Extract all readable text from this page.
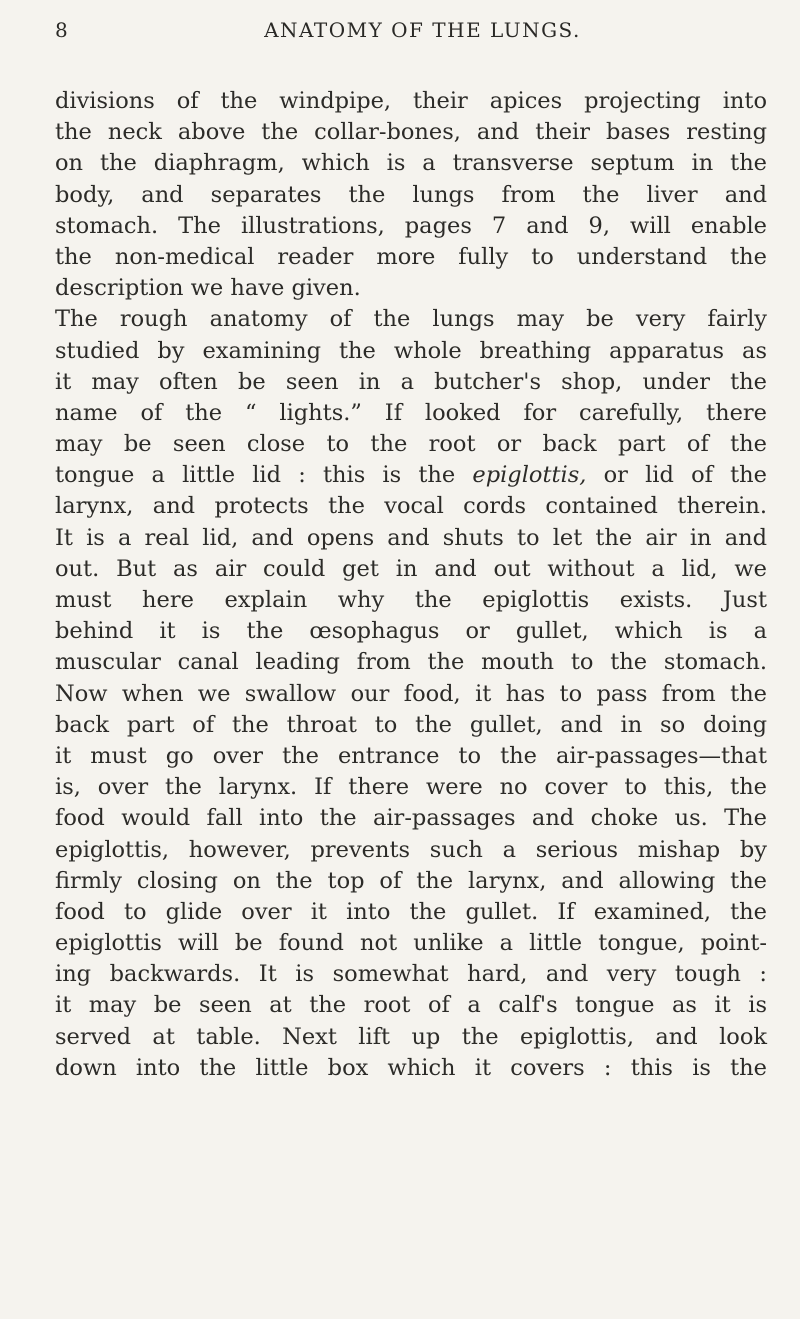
8	ANATOMY OF THE LUNGS.
divisions of the windpipe, their apices projecting into
the neck above the collar-bones, and their bases resting
on the diaphragm, which is a transverse septum in the
body, and separates the lungs from the liver and
stomach. The illustrations, pages 7 and 9, will enable
the non-medical reader more fully to understand the
description we have given.
The rough anatomy of the lungs may be very fairly
studied by examining the whole breathing apparatus as
it may often be seen in a butcher's shop, under the
name of the “ lights.” If looked for carefully, there
may be seen close to the root or back part of the
tongue a little lid : this is the epiglottis, or lid of the
larynx, and protects the vocal cords contained therein.
It is a real lid, and opens and shuts to let the air in and
out. But as air could get in and out without a lid, we
must here explain why the epiglottis exists. Just
behind it is the œsophagus or gullet, which is a
muscular canal leading from the mouth to the stomach.
Now when we swallow our food, it has to pass from the
back part of the throat to the gullet, and in so doing
it must go over the entrance to the air-passages—that
is, over the larynx. If there were no cover to this, the
food would fall into the air-passages and choke us. The
epiglottis, however, prevents such a serious mishap by
firmly closing on the top of the larynx, and allowing the
food to glide over it into the gullet. If examined, the
epiglottis will be found not unlike a little tongue, point-
ing backwards. It is somewhat hard, and very tough :
it may be seen at the root of a calf's tongue as it is
served at table. Next lift up the epiglottis, and look
down into the little box which it covers : this is the
